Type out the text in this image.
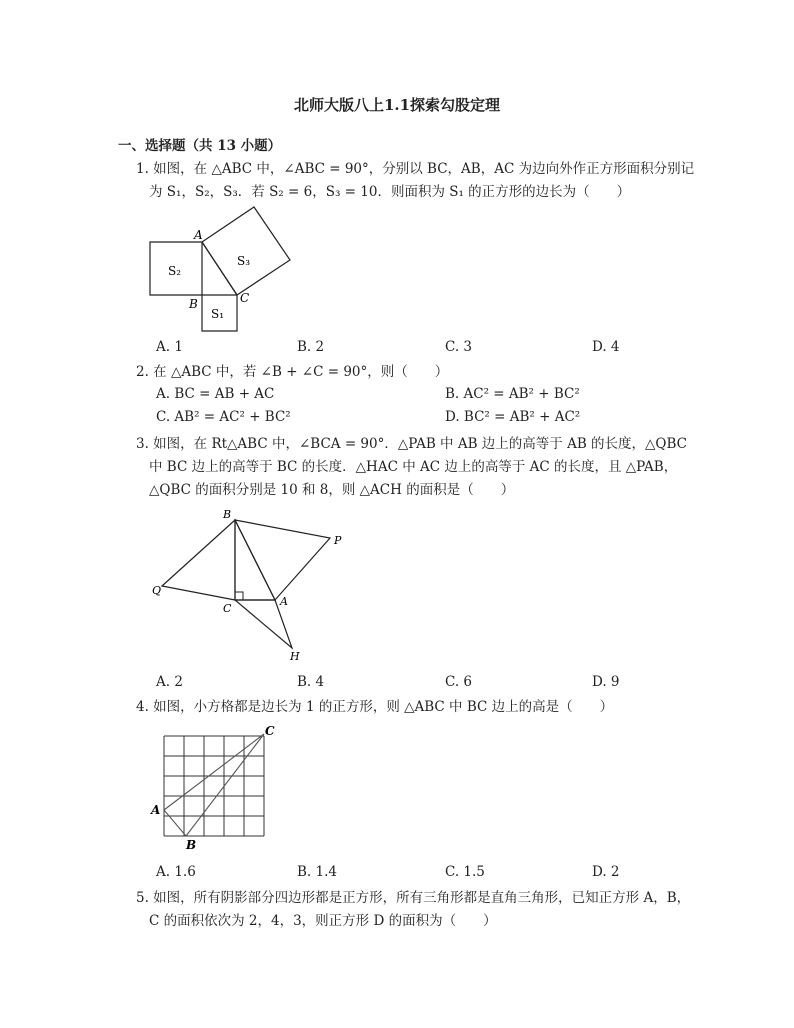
北师大版八上1.1探索勾股定理
一、选择题（共 13 小题）
1. 如图，在 △ABC 中，∠ABC = 90°，分别以 BC，AB，AC 为边向外作正方形面积分别记
为 S₁，S₂，S₃．若 S₂ = 6，S₃ = 10．则面积为 S₁ 的正方形的边长为（　　）
A
B	C
S₂
S₁
S₃
A. 1	B. 2	C. 3	D. 4
2. 在 △ABC 中，若 ∠B + ∠C = 90°，则（　　）
A. BC = AB + AC	B. AC² = AB² + BC²
C. AB² = AC² + BC²	D. BC² = AB² + AC²
3. 如图，在 Rt△ABC 中，∠BCA = 90°．△PAB 中 AB 边上的高等于 AB 的长度，△QBC
中 BC 边上的高等于 BC 的长度．△HAC 中 AC 边上的高等于 AC 的长度，且 △PAB，
△QBC 的面积分别是 10 和 8，则 △ACH 的面积是（　　）
B
P
Q
C
A
H
A. 2	B. 4	C. 6	D. 9
4. 如图，小方格都是边长为 1 的正方形，则 △ABC 中 BC 边上的高是（　　）
A
B
C
A. 1.6	B. 1.4	C. 1.5	D. 2
5. 如图，所有阴影部分四边形都是正方形，所有三角形都是直角三角形，已知正方形 A，B，
C 的面积依次为 2，4，3，则正方形 D 的面积为（　　）
